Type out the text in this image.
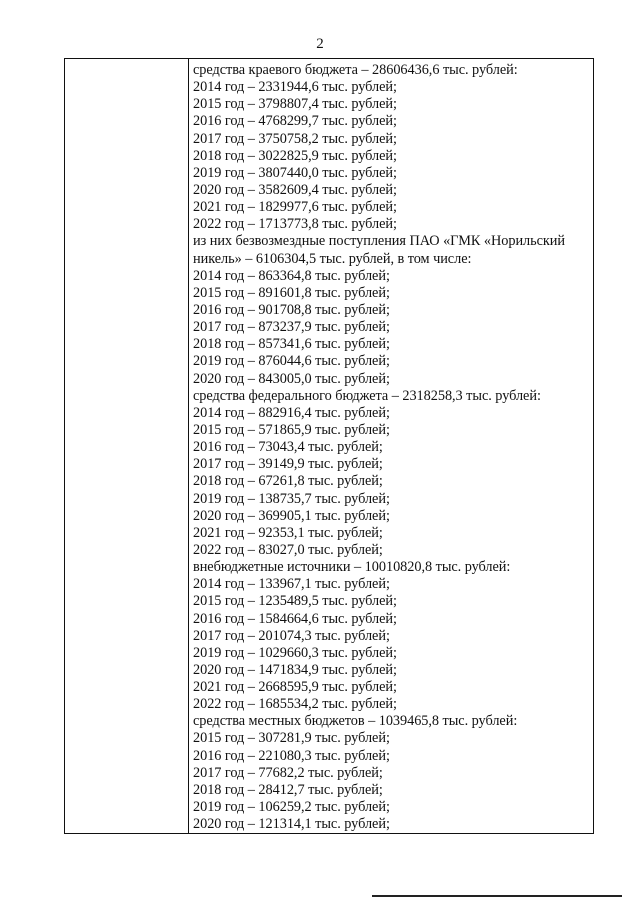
2
средства краевого бюджета – 28606436,6 тыс. рублей:
2014 год – 2331944,6 тыс. рублей;
2015 год – 3798807,4 тыс. рублей;
2016 год – 4768299,7 тыс. рублей;
2017 год – 3750758,2 тыс. рублей;
2018 год – 3022825,9 тыс. рублей;
2019 год – 3807440,0 тыс. рублей;
2020 год – 3582609,4 тыс. рублей;
2021 год – 1829977,6 тыс. рублей;
2022 год – 1713773,8 тыс. рублей;
из них безвозмездные поступления ПАО «ГМК «Норильский
никель» – 6106304,5 тыс. рублей, в том числе:
2014 год – 863364,8 тыс. рублей;
2015 год – 891601,8 тыс. рублей;
2016 год – 901708,8 тыс. рублей;
2017 год – 873237,9 тыс. рублей;
2018 год – 857341,6 тыс. рублей;
2019 год – 876044,6 тыс. рублей;
2020 год – 843005,0 тыс. рублей;
средства федерального бюджета – 2318258,3 тыс. рублей:
2014 год – 882916,4 тыс. рублей;
2015 год – 571865,9 тыс. рублей;
2016 год – 73043,4 тыс. рублей;
2017 год – 39149,9 тыс. рублей;
2018 год – 67261,8 тыс. рублей;
2019 год – 138735,7 тыс. рублей;
2020 год – 369905,1 тыс. рублей;
2021 год – 92353,1 тыс. рублей;
2022 год – 83027,0 тыс. рублей;
внебюджетные источники – 10010820,8 тыс. рублей:
2014 год – 133967,1 тыс. рублей;
2015 год – 1235489,5 тыс. рублей;
2016 год – 1584664,6 тыс. рублей;
2017 год – 201074,3 тыс. рублей;
2019 год – 1029660,3 тыс. рублей;
2020 год – 1471834,9 тыс. рублей;
2021 год – 2668595,9 тыс. рублей;
2022 год – 1685534,2 тыс. рублей;
средства местных бюджетов – 1039465,8 тыс. рублей:
2015 год – 307281,9 тыс. рублей;
2016 год – 221080,3 тыс. рублей;
2017 год – 77682,2 тыс. рублей;
2018 год – 28412,7 тыс. рублей;
2019 год – 106259,2 тыс. рублей;
2020 год – 121314,1 тыс. рублей;
